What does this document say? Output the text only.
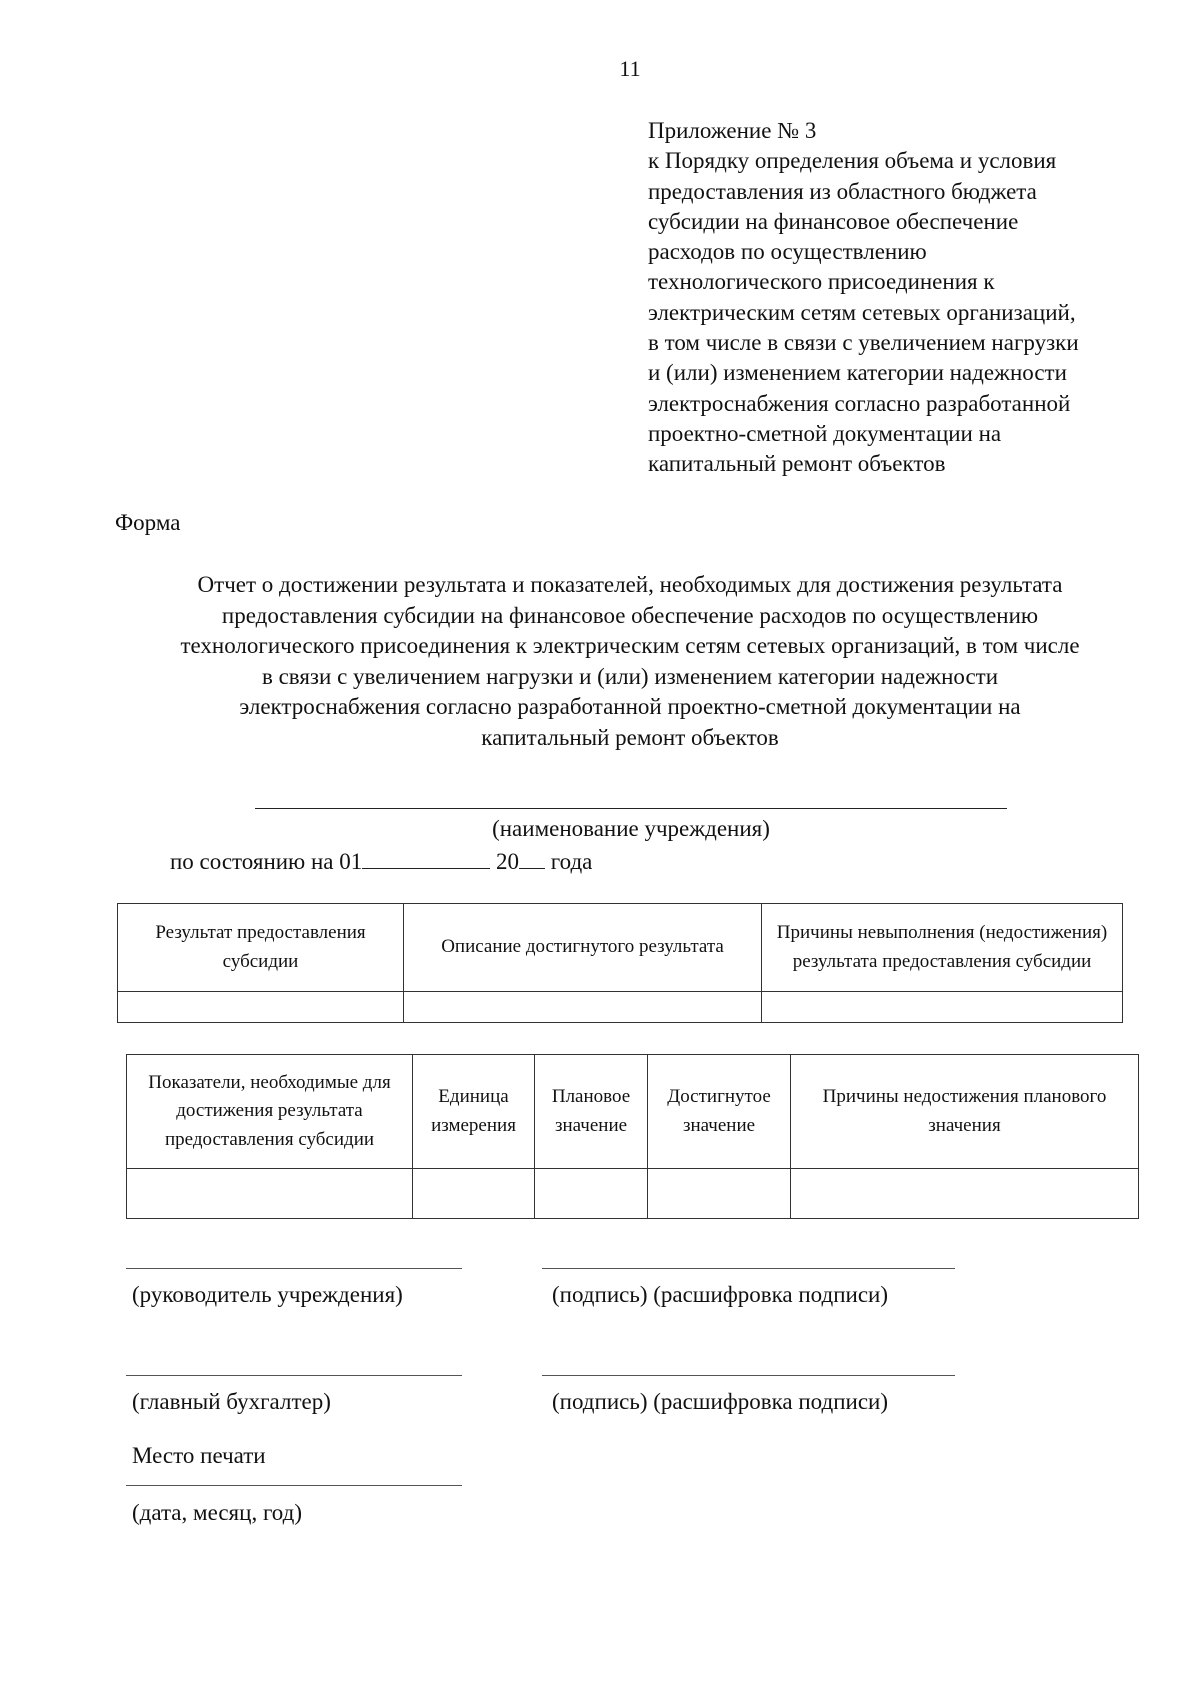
11
Приложение № 3
к Порядку определения объема и условия
предоставления из областного бюджета
субсидии на финансовое обеспечение
расходов по осуществлению
технологического присоединения к
электрическим сетям сетевых организаций,
в том числе в связи с увеличением нагрузки
и (или) изменением категории надежности
электроснабжения согласно разработанной
проектно-сметной документации на
капитальный ремонт объектов
Форма
Отчет о достижении результата и показателей, необходимых для достижения результата
предоставления субсидии на финансовое обеспечение расходов по осуществлению
технологического присоединения к электрическим сетям сетевых организаций, в том числе
в связи с увеличением нагрузки и (или) изменением категории надежности
электроснабжения согласно разработанной проектно-сметной документации на
капитальный ремонт объектов
(наименование учреждения)
по состоянию на 01	20 года
Результат предоставления субсидии	Описание достигнутого результата	Причины невыполнения (недостижения) результата предоставления субсидии

Показатели, необходимые для достижения результата предоставления субсидии	Единица измерения	Плановое значение	Достигнутое значение	Причины недостижения планового значения

(руководитель учреждения)	(подпись) (расшифровка подписи)
(главный бухгалтер)	(подпись) (расшифровка подписи)
Место печати
(дата, месяц, год)
